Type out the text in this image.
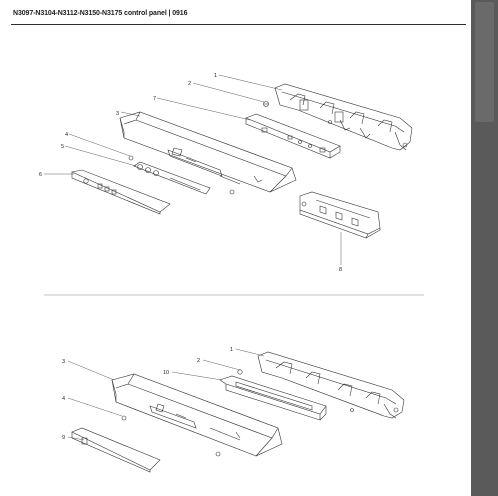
N3097-N3104-N3112-N3150-N3175 control panel | 0916
1
2
3
4
5
6
7
8
1
2
3
4
9
10
